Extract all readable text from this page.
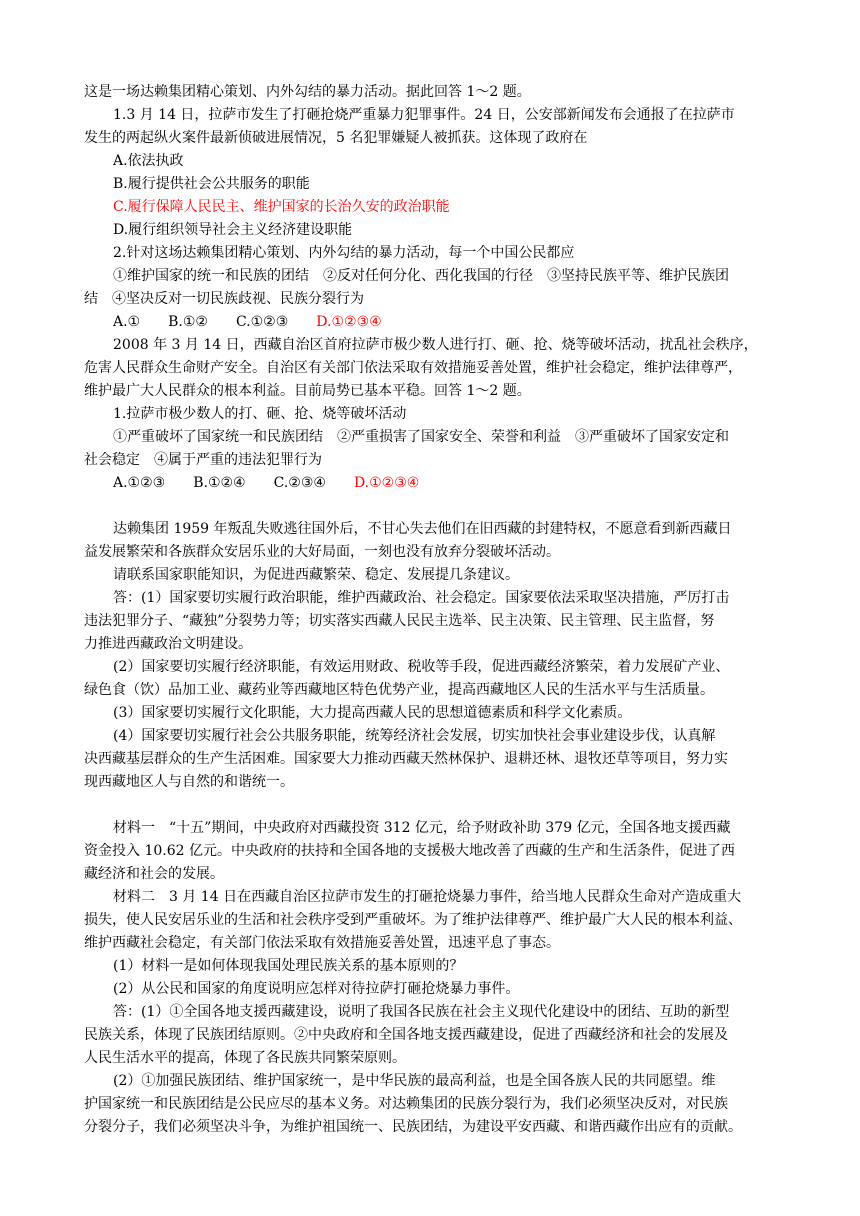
这是一场达赖集团精心策划、内外勾结的暴力活动。据此回答 1～2 题。
1.3 月 14 日，拉萨市发生了打砸抢烧严重暴力犯罪事件。24 日，公安部新闻发布会通报了在拉萨市
发生的两起纵火案件最新侦破进展情况，5 名犯罪嫌疑人被抓获。这体现了政府在
A.依法执政
B.履行提供社会公共服务的职能
C.履行保障人民民主、维护国家的长治久安的政治职能
D.履行组织领导社会主义经济建设职能
2.针对这场达赖集团精心策划、内外勾结的暴力活动，每一个中国公民都应
①维护国家的统一和民族的团结　②反对任何分化、西化我国的行径　③坚持民族平等、维护民族团
结　④坚决反对一切民族歧视、民族分裂行为
A.① B.①② C.①②③ D.①②③④
2008 年 3 月 14 日，西藏自治区首府拉萨市极少数人进行打、砸、抢、烧等破坏活动，扰乱社会秩序，
危害人民群众生命财产安全。自治区有关部门依法采取有效措施妥善处置，维护社会稳定，维护法律尊严，
维护最广大人民群众的根本利益。目前局势已基本平稳。回答 1～2 题。
1.拉萨市极少数人的打、砸、抢、烧等破坏活动
①严重破坏了国家统一和民族团结　②严重损害了国家安全、荣誉和利益　③严重破坏了国家安定和
社会稳定　④属于严重的违法犯罪行为
A.①②③ B.①②④ C.②③④ D.①②③④
达赖集团 1959 年叛乱失败逃往国外后，不甘心失去他们在旧西藏的封建特权，不愿意看到新西藏日
益发展繁荣和各族群众安居乐业的大好局面，一刻也没有放弃分裂破坏活动。
请联系国家职能知识，为促进西藏繁荣、稳定、发展提几条建议。
答：(1）国家要切实履行政治职能，维护西藏政治、社会稳定。国家要依法采取坚决措施，严厉打击
违法犯罪分子、“藏独”分裂势力等；切实落实西藏人民民主选举、民主决策、民主管理、民主监督，努
力推进西藏政治文明建设。
(2）国家要切实履行经济职能，有效运用财政、税收等手段，促进西藏经济繁荣，着力发展矿产业、
绿色食（饮）品加工业、藏药业等西藏地区特色优势产业，提高西藏地区人民的生活水平与生活质量。
(3）国家要切实履行文化职能，大力提高西藏人民的思想道德素质和科学文化素质。
(4）国家要切实履行社会公共服务职能，统筹经济社会发展，切实加快社会事业建设步伐，认真解
决西藏基层群众的生产生活困难。国家要大力推动西藏天然林保护、退耕还林、退牧还草等项目，努力实
现西藏地区人与自然的和谐统一。
材料一　“十五”期间，中央政府对西藏投资 312 亿元，给予财政补助 379 亿元，全国各地支援西藏
资金投入 10.62 亿元。中央政府的扶持和全国各地的支援极大地改善了西藏的生产和生活条件，促进了西
藏经济和社会的发展。
材料二　3 月 14 日在西藏自治区拉萨市发生的打砸抢烧暴力事件，给当地人民群众生命对产造成重大
损失，使人民安居乐业的生活和社会秩序受到严重破坏。为了维护法律尊严、维护最广大人民的根本利益、
维护西藏社会稳定，有关部门依法采取有效措施妥善处置，迅速平息了事态。
(1）材料一是如何体现我国处理民族关系的基本原则的？
(2）从公民和国家的角度说明应怎样对待拉萨打砸抢烧暴力事件。
答：(1）①全国各地支援西藏建设，说明了我国各民族在社会主义现代化建设中的团结、互助的新型
民族关系，体现了民族团结原则。②中央政府和全国各地支援西藏建设，促进了西藏经济和社会的发展及
人民生活水平的提高，体现了各民族共同繁荣原则。
(2）①加强民族团结、维护国家统一，是中华民族的最高利益，也是全国各族人民的共同愿望。维
护国家统一和民族团结是公民应尽的基本义务。对达赖集团的民族分裂行为，我们必须坚决反对，对民族
分裂分子，我们必须坚决斗争，为维护祖国统一、民族团结，为建设平安西藏、和谐西藏作出应有的贡献。
